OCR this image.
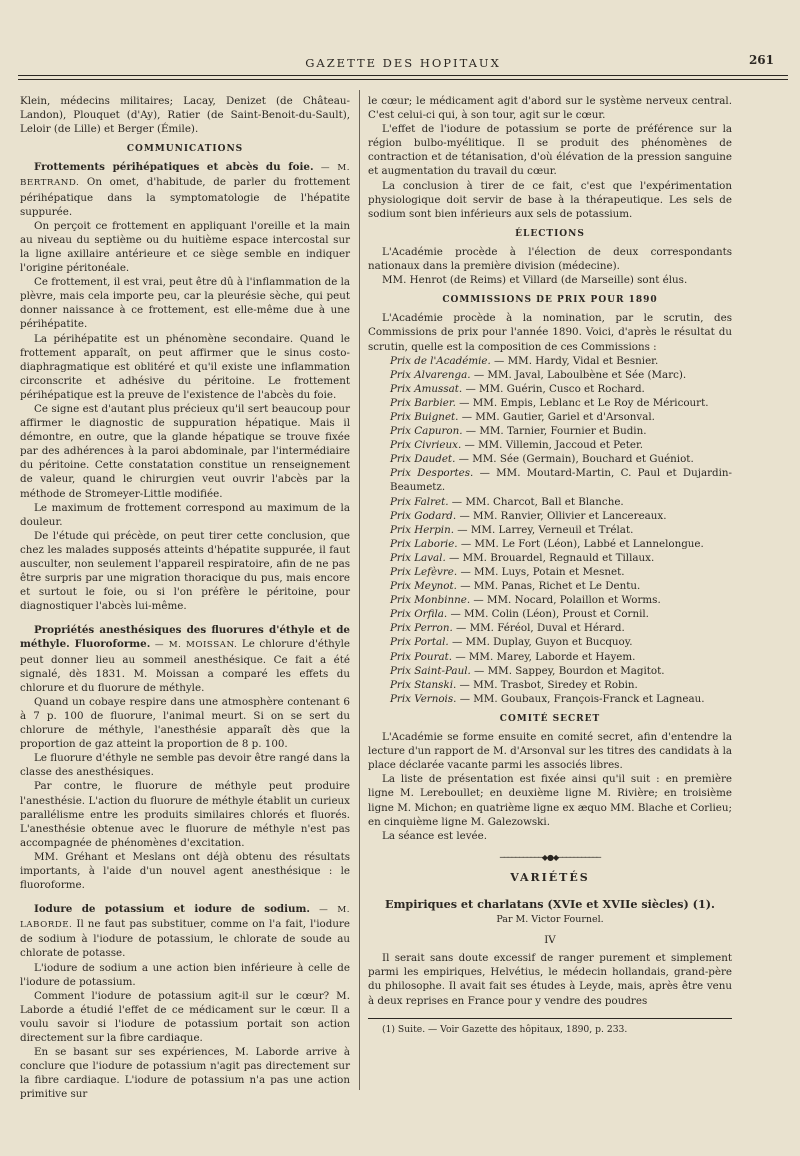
GAZETTE DES HOPITAUX	261

Klein, médecins militaires; Lacay, Denizet (de Château-Landon), Plouquet (d'Ay), Ratier (de Saint-Benoit-du-Sault), Leloir (de Lille) et Berger (Émile).

COMMUNICATIONS

Frottements périhépatiques et abcès du foie. — M. BERTRAND. On omet, d'habitude, de parler du frottement périhépatique dans la symptomatologie de l'hépatite suppurée.

On perçoit ce frottement en appliquant l'oreille et la main au niveau du septième ou du huitième espace intercostal sur la ligne axillaire antérieure et ce siège semble en indiquer l'origine péritonéale.

Ce frottement, il est vrai, peut être dû à l'inflammation de la plèvre, mais cela importe peu, car la pleurésie sèche, qui peut donner naissance à ce frottement, est elle-même due à une périhépatite.

La périhépatite est un phénomène secondaire. Quand le frottement apparaît, on peut affirmer que le sinus costo-diaphragmatique est oblitéré et qu'il existe une inflammation circonscrite et adhésive du péritoine. Le frottement périhépatique est la preuve de l'existence de l'abcès du foie.

Ce signe est d'autant plus précieux qu'il sert beaucoup pour affirmer le diagnostic de suppuration hépatique. Mais il démontre, en outre, que la glande hépatique se trouve fixée par des adhérences à la paroi abdominale, par l'intermédiaire du péritoine. Cette constatation constitue un renseignement de valeur, quand le chirurgien veut ouvrir l'abcès par la méthode de Stromeyer-Little modifiée.

Le maximum de frottement correspond au maximum de la douleur.

De l'étude qui précède, on peut tirer cette conclusion, que chez les malades supposés atteints d'hépatite suppurée, il faut ausculter, non seulement l'appareil respiratoire, afin de ne pas être surpris par une migration thoracique du pus, mais encore et surtout le foie, ou si l'on préfère le péritoine, pour diagnostiquer l'abcès lui-même.

Propriétés anesthésiques des fluorures d'éthyle et de méthyle. Fluoroforme. — M. MOISSAN. Le chlorure d'éthyle peut donner lieu au sommeil anesthésique. Ce fait a été signalé, dès 1831. M. Moissan a comparé les effets du chlorure et du fluorure de méthyle.

Quand un cobaye respire dans une atmosphère contenant 6 à 7 p. 100 de fluorure, l'animal meurt. Si on se sert du chlorure de méthyle, l'anesthésie apparaît dès que la proportion de gaz atteint la proportion de 8 p. 100.

Le fluorure d'éthyle ne semble pas devoir être rangé dans la classe des anesthésiques.

Par contre, le fluorure de méthyle peut produire l'anesthésie. L'action du fluorure de méthyle établit un curieux parallélisme entre les produits similaires chlorés et fluorés. L'anesthésie obtenue avec le fluorure de méthyle n'est pas accompagnée de phénomènes d'excitation.

MM. Gréhant et Meslans ont déjà obtenu des résultats importants, à l'aide d'un nouvel agent anesthésique : le fluoroforme.

Iodure de potassium et iodure de sodium. — M. LABORDE. Il ne faut pas substituer, comme on l'a fait, l'iodure de sodium à l'iodure de potassium, le chlorate de soude au chlorate de potasse.

L'iodure de sodium a une action bien inférieure à celle de l'iodure de potassium.

Comment l'iodure de potassium agit-il sur le cœur? M. Laborde a étudié l'effet de ce médicament sur le cœur. Il a voulu savoir si l'iodure de potassium portait son action directement sur la fibre cardiaque.

En se basant sur ses expériences, M. Laborde arrive à conclure que l'iodure de potassium n'agit pas directement sur la fibre cardiaque. L'iodure de potassium n'a pas une action primitive sur

le cœur; le médicament agit d'abord sur le système nerveux central. C'est celui-ci qui, à son tour, agit sur le cœur.

L'effet de l'iodure de potassium se porte de préférence sur la région bulbo-myélitique. Il se produit des phénomènes de contraction et de tétanisation, d'où élévation de la pression sanguine et augmentation du travail du cœur.

La conclusion à tirer de ce fait, c'est que l'expérimentation physiologique doit servir de base à la thérapeutique. Les sels de sodium sont bien inférieurs aux sels de potassium.

ÉLECTIONS

L'Académie procède à l'élection de deux correspondants nationaux dans la première division (médecine).

MM. Henrot (de Reims) et Villard (de Marseille) sont élus.

COMMISSIONS DE PRIX POUR 1890

L'Académie procède à la nomination, par le scrutin, des Commissions de prix pour l'année 1890. Voici, d'après le résultat du scrutin, quelle est la composition de ces Commissions :

Prix de l'Académie. — MM. Hardy, Vidal et Besnier.

Prix Alvarenga. — MM. Javal, Laboulbène et Sée (Marc).

Prix Amussat. — MM. Guérin, Cusco et Rochard.

Prix Barbier. — MM. Empis, Leblanc et Le Roy de Méricourt.

Prix Buignet. — MM. Gautier, Gariel et d'Arsonval.

Prix Capuron. — MM. Tarnier, Fournier et Budin.

Prix Civrieux. — MM. Villemin, Jaccoud et Peter.

Prix Daudet. — MM. Sée (Germain), Bouchard et Guéniot.

Prix Desportes. — MM. Moutard-Martin, C. Paul et Dujardin-Beaumetz.

Prix Falret. — MM. Charcot, Ball et Blanche.

Prix Godard. — MM. Ranvier, Ollivier et Lancereaux.

Prix Herpin. — MM. Larrey, Verneuil et Trélat.

Prix Laborie. — MM. Le Fort (Léon), Labbé et Lannelongue.

Prix Laval. — MM. Brouardel, Regnauld et Tillaux.

Prix Lefèvre. — MM. Luys, Potain et Mesnet.

Prix Meynot. — MM. Panas, Richet et Le Dentu.

Prix Monbinne. — MM. Nocard, Polaillon et Worms.

Prix Orfila. — MM. Colin (Léon), Proust et Cornil.

Prix Perron. — MM. Féréol, Duval et Hérard.

Prix Portal. — MM. Duplay, Guyon et Bucquoy.

Prix Pourat. — MM. Marey, Laborde et Hayem.

Prix Saint-Paul. — MM. Sappey, Bourdon et Magitot.

Prix Stanski. — MM. Trasbot, Siredey et Robin.

Prix Vernois. — MM. Goubaux, François-Franck et Lagneau.

COMITÉ SECRET

L'Académie se forme ensuite en comité secret, afin d'entendre la lecture d'un rapport de M. d'Arsonval sur les titres des candidats à la place déclarée vacante parmi les associés libres.

La liste de présentation est fixée ainsi qu'il suit : en première ligne M. Lereboullet; en deuxième ligne M. Rivière; en troisième ligne M. Michon; en quatrième ligne ex æquo MM. Blache et Corlieu; en cinquième ligne M. Galezowski.

La séance est levée.

───────────◆●◆───────────
VARIÉTÉS
Empiriques et charlatans (XVIe et XVIIe siècles) (1).
Par M. Victor Fournel.
IV

Il serait sans doute excessif de ranger purement et simplement parmi les empiriques, Helvétius, le médecin hollandais, grand-père du philosophe. Il avait fait ses études à Leyde, mais, après être venu à deux reprises en France pour y vendre des poudres

(1) Suite. — Voir Gazette des hôpitaux, 1890, p. 233.
